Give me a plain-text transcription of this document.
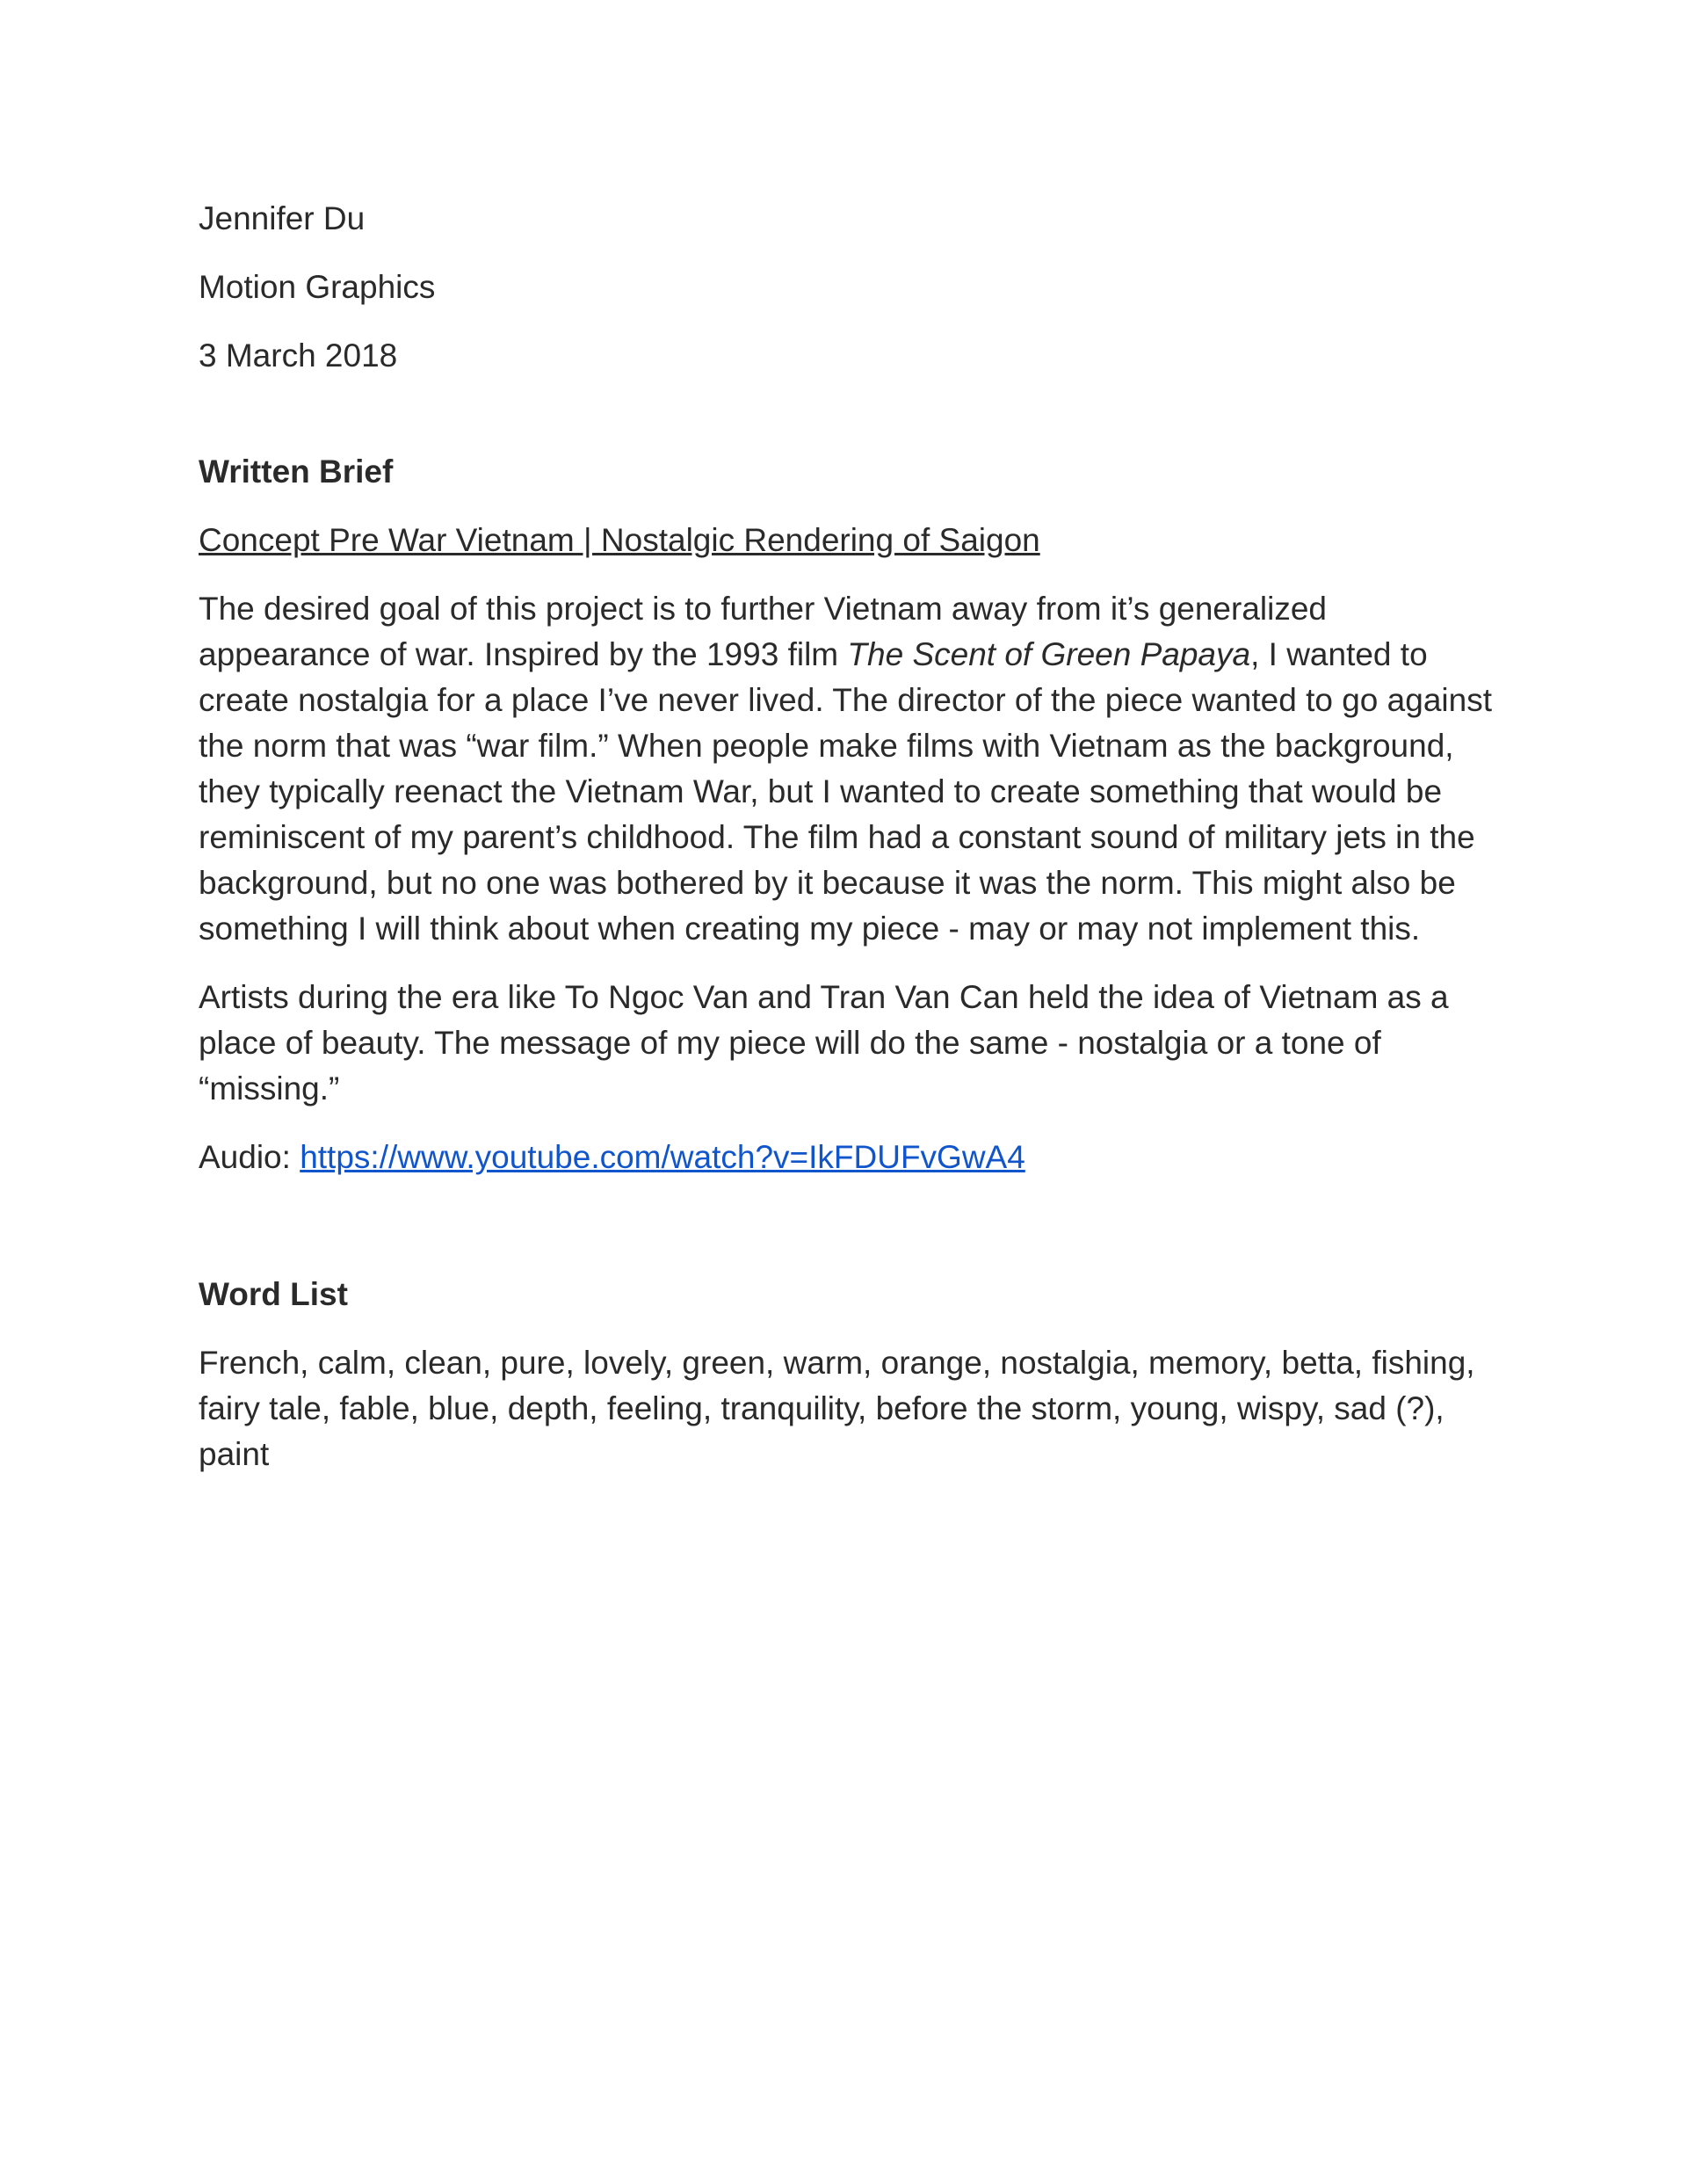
Jennifer Du
Motion Graphics
3 March 2018
Written Brief
Concept Pre War Vietnam | Nostalgic Rendering of Saigon

The desired goal of this project is to further Vietnam away from it’s generalized appearance of war. Inspired by the 1993 film The Scent of Green Papaya, I wanted to create nostalgia for a place I’ve never lived. The director of the piece wanted to go against the norm that was “war film.” When people make films with Vietnam as the background, they typically reenact the Vietnam War, but I wanted to create something that would be reminiscent of my parent’s childhood. The film had a constant sound of military jets in the background, but no one was bothered by it because it was the norm. This might also be something I will think about when creating my piece - may or may not implement this.

Artists during the era like To Ngoc Van and Tran Van Can held the idea of Vietnam as a place of beauty. The message of my piece will do the same - nostalgia or a tone of “missing.”

Audio: https://www.youtube.com/watch?v=IkFDUFvGwA4

Word List

French, calm, clean, pure, lovely, green, warm, orange, nostalgia, memory, betta, fishing, fairy tale, fable, blue, depth, feeling, tranquility, before the storm, young, wispy, sad (?), paint
